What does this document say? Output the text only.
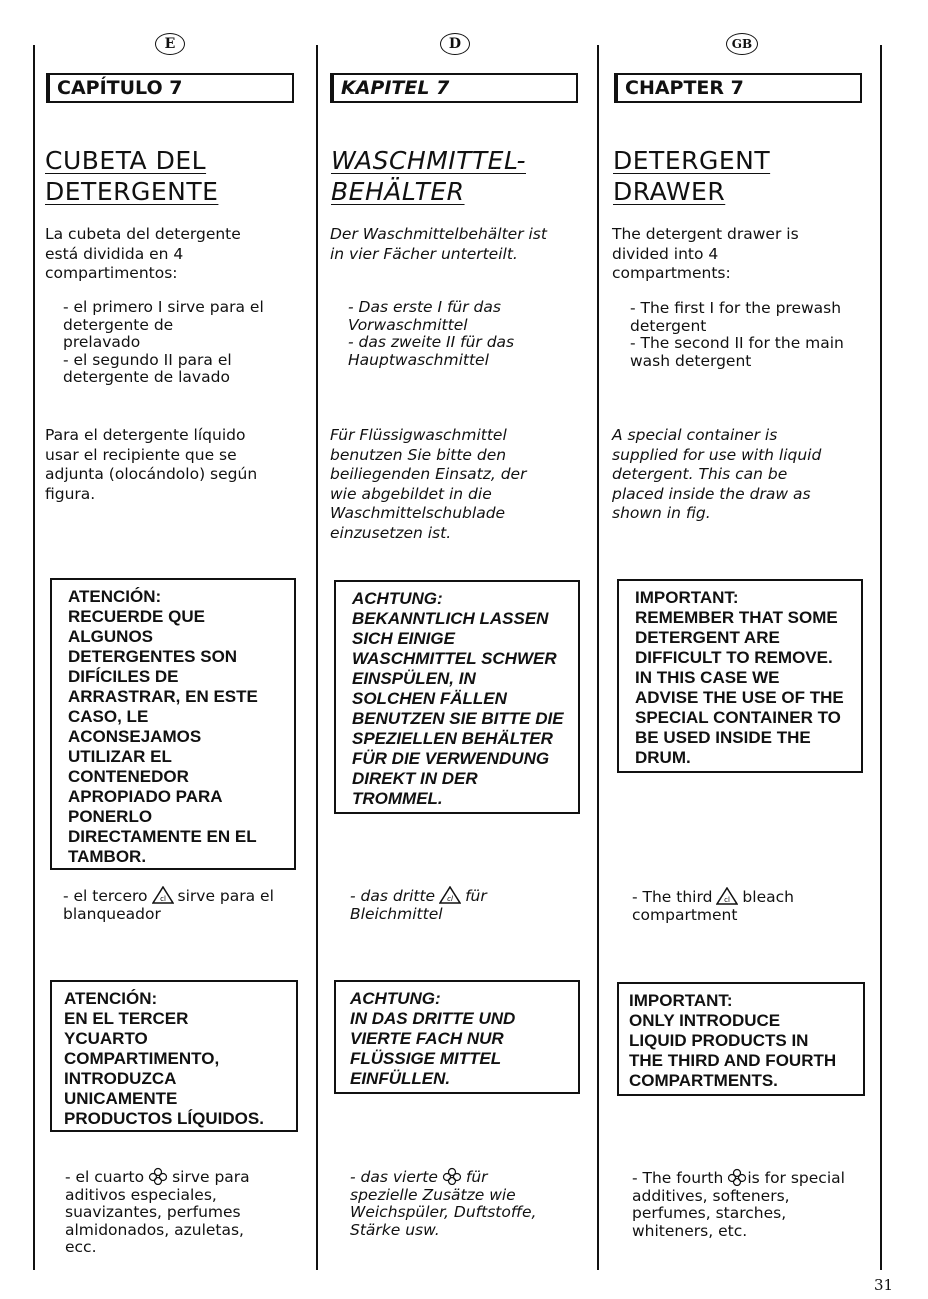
E
CAPÍTULO 7
CUBETA DEL
DETERGENTE
La cubeta del detergente
está dividida en 4
compartimentos:
- el primero I sirve para el
detergente de
prelavado
- el segundo II para el
detergente de lavado
Para el detergente líquido
usar el recipiente que se
adjunta (olocándolo) según
figura.
ATENCIÓN:
RECUERDE QUE
ALGUNOS
DETERGENTES SON
DIFÍCILES DE
ARRASTRAR, EN ESTE
CASO, LE
ACONSEJAMOS
UTILIZAR EL
CONTENEDOR
APROPIADO PARA
PONERLO
DIRECTAMENTE EN EL
TAMBOR.
- el tercero cl sirve para el
blanqueador
ATENCIÓN:
EN EL TERCER
YCUARTO
COMPARTIMENTO,
INTRODUZCA
UNICAMENTE
PRODUCTOS LÍQUIDOS.
- el cuarto sirve para
aditivos especiales,
suavizantes, perfumes
almidonados, azuletas,
ecc.
D
KAPITEL 7
WASCHMITTEL-
BEHÄLTER
Der Waschmittelbehälter ist
in vier Fächer unterteilt.
- Das erste I für das
Vorwaschmittel
- das zweite II für das
Hauptwaschmittel
Für Flüssigwaschmittel
benutzen Sie bitte den
beiliegenden Einsatz, der
wie abgebildet in die
Waschmittelschublade
einzusetzen ist.
ACHTUNG:
BEKANNTLICH LASSEN
SICH EINIGE
WASCHMITTEL SCHWER
EINSPÜLEN, IN
SOLCHEN FÄLLEN
BENUTZEN SIE BITTE DIE
SPEZIELLEN BEHÄLTER
FÜR DIE VERWENDUNG
DIREKT IN DER
TROMMEL.
- das dritte cl für
Bleichmittel
ACHTUNG:
IN DAS DRITTE UND
VIERTE FACH NUR
FLÜSSIGE MITTEL
EINFÜLLEN.
- das vierte für
spezielle Zusätze wie
Weichspüler, Duftstoffe,
Stärke usw.
GB
CHAPTER 7
DETERGENT
DRAWER
The detergent drawer is
divided into 4
compartments:
- The first I for the prewash
detergent
- The second II for the main
wash detergent
A special container is
supplied for use with liquid
detergent. This can be
placed inside the draw as
shown in fig.
IMPORTANT:
REMEMBER THAT SOME
DETERGENT ARE
DIFFICULT TO REMOVE.
IN THIS CASE WE
ADVISE THE USE OF THE
SPECIAL CONTAINER TO
BE USED INSIDE THE
DRUM.
- The third cl bleach
compartment
IMPORTANT:
ONLY INTRODUCE
LIQUID PRODUCTS IN
THE THIRD AND FOURTH
COMPARTMENTS.
- The fourth is for special
additives, softeners,
perfumes, starches,
whiteners, etc.
31
